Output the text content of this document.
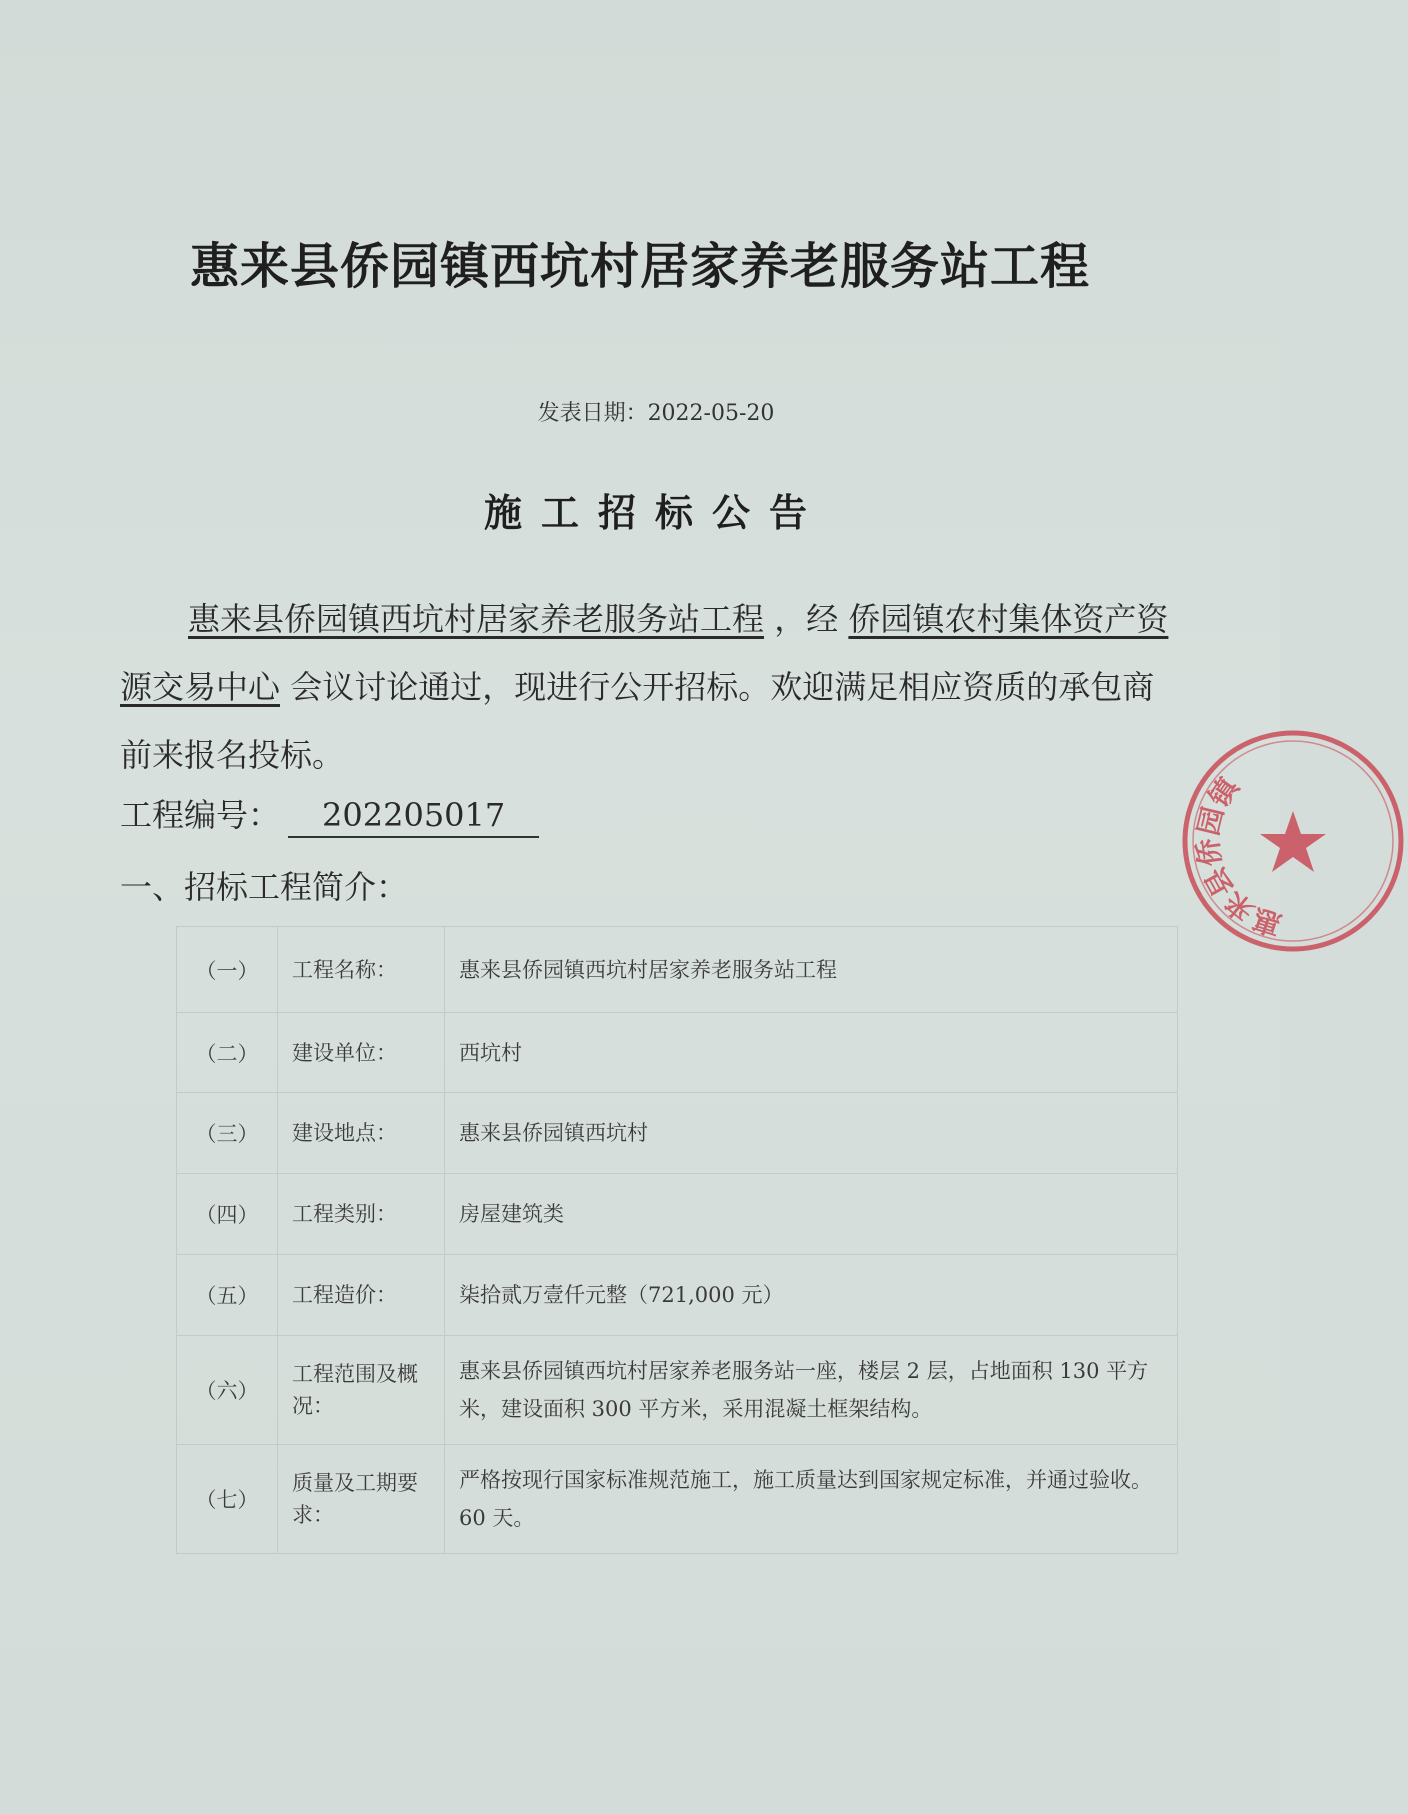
惠来县侨园镇西坑村居家养老服务站工程
发表日期：2022-05-20
施工招标公告
惠来县侨园镇西坑村居家养老服务站工程 ，经 侨园镇农村集体资产资源交易中心 会议讨论通过，现进行公开招标。欢迎满足相应资质的承包商前来报名投标。
工程编号： 202205017
一、招标工程简介：
（一）	工程名称：	惠来县侨园镇西坑村居家养老服务站工程
（二）	建设单位：	西坑村
（三）	建设地点：	惠来县侨园镇西坑村
（四）	工程类别：	房屋建筑类
（五）	工程造价：	柒拾贰万壹仟元整（721,000 元）
（六）	工程范围及概况：	惠来县侨园镇西坑村居家养老服务站一座，楼层 2 层，占地面积 130 平方米，建设面积 300 平方米，采用混凝土框架结构。
（七）	质量及工期要求：	严格按现行国家标准规范施工，施工质量达到国家规定标准，并通过验收。60 天。
惠来县侨园镇
